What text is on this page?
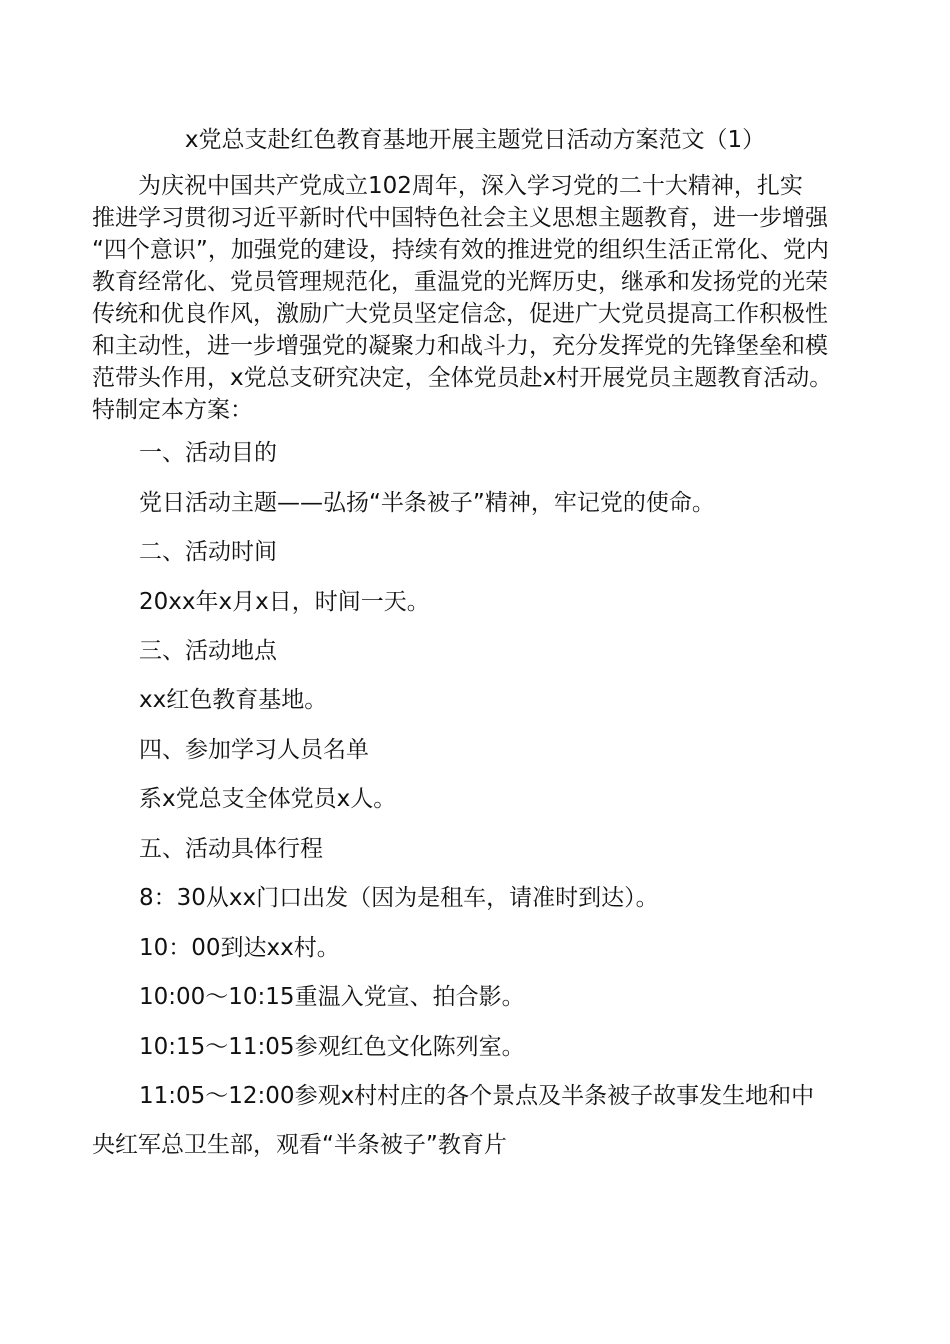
x党总支赴红色教育基地开展主题党日活动方案范文（1）
　　为庆祝中国共产党成立102周年，深入学习党的二十大精神，扎实
推进学习贯彻习近平新时代中国特色社会主义思想主题教育，进一步增强
“四个意识”，加强党的建设，持续有效的推进党的组织生活正常化、党内
教育经常化、党员管理规范化，重温党的光辉历史，继承和发扬党的光荣
传统和优良作风，激励广大党员坚定信念，促进广大党员提高工作积极性
和主动性，进一步增强党的凝聚力和战斗力，充分发挥党的先锋堡垒和模
范带头作用，x党总支研究决定，全体党员赴x村开展党员主题教育活动。
特制定本方案：
一、活动目的
党日活动主题——弘扬“半条被子”精神，牢记党的使命。
二、活动时间
20xx年x月x日，时间一天。
三、活动地点
xx红色教育基地。
四、参加学习人员名单
系x党总支全体党员x人。
五、活动具体行程
8：30从xx门口出发（因为是租车，请准时到达）。
10：00到达xx村。
10:00～10:15重温入党宣、拍合影。
10:15～11:05参观红色文化陈列室。
11:05～12:00参观x村村庄的各个景点及半条被子故事发生地和中
央红军总卫生部，观看“半条被子”教育片
